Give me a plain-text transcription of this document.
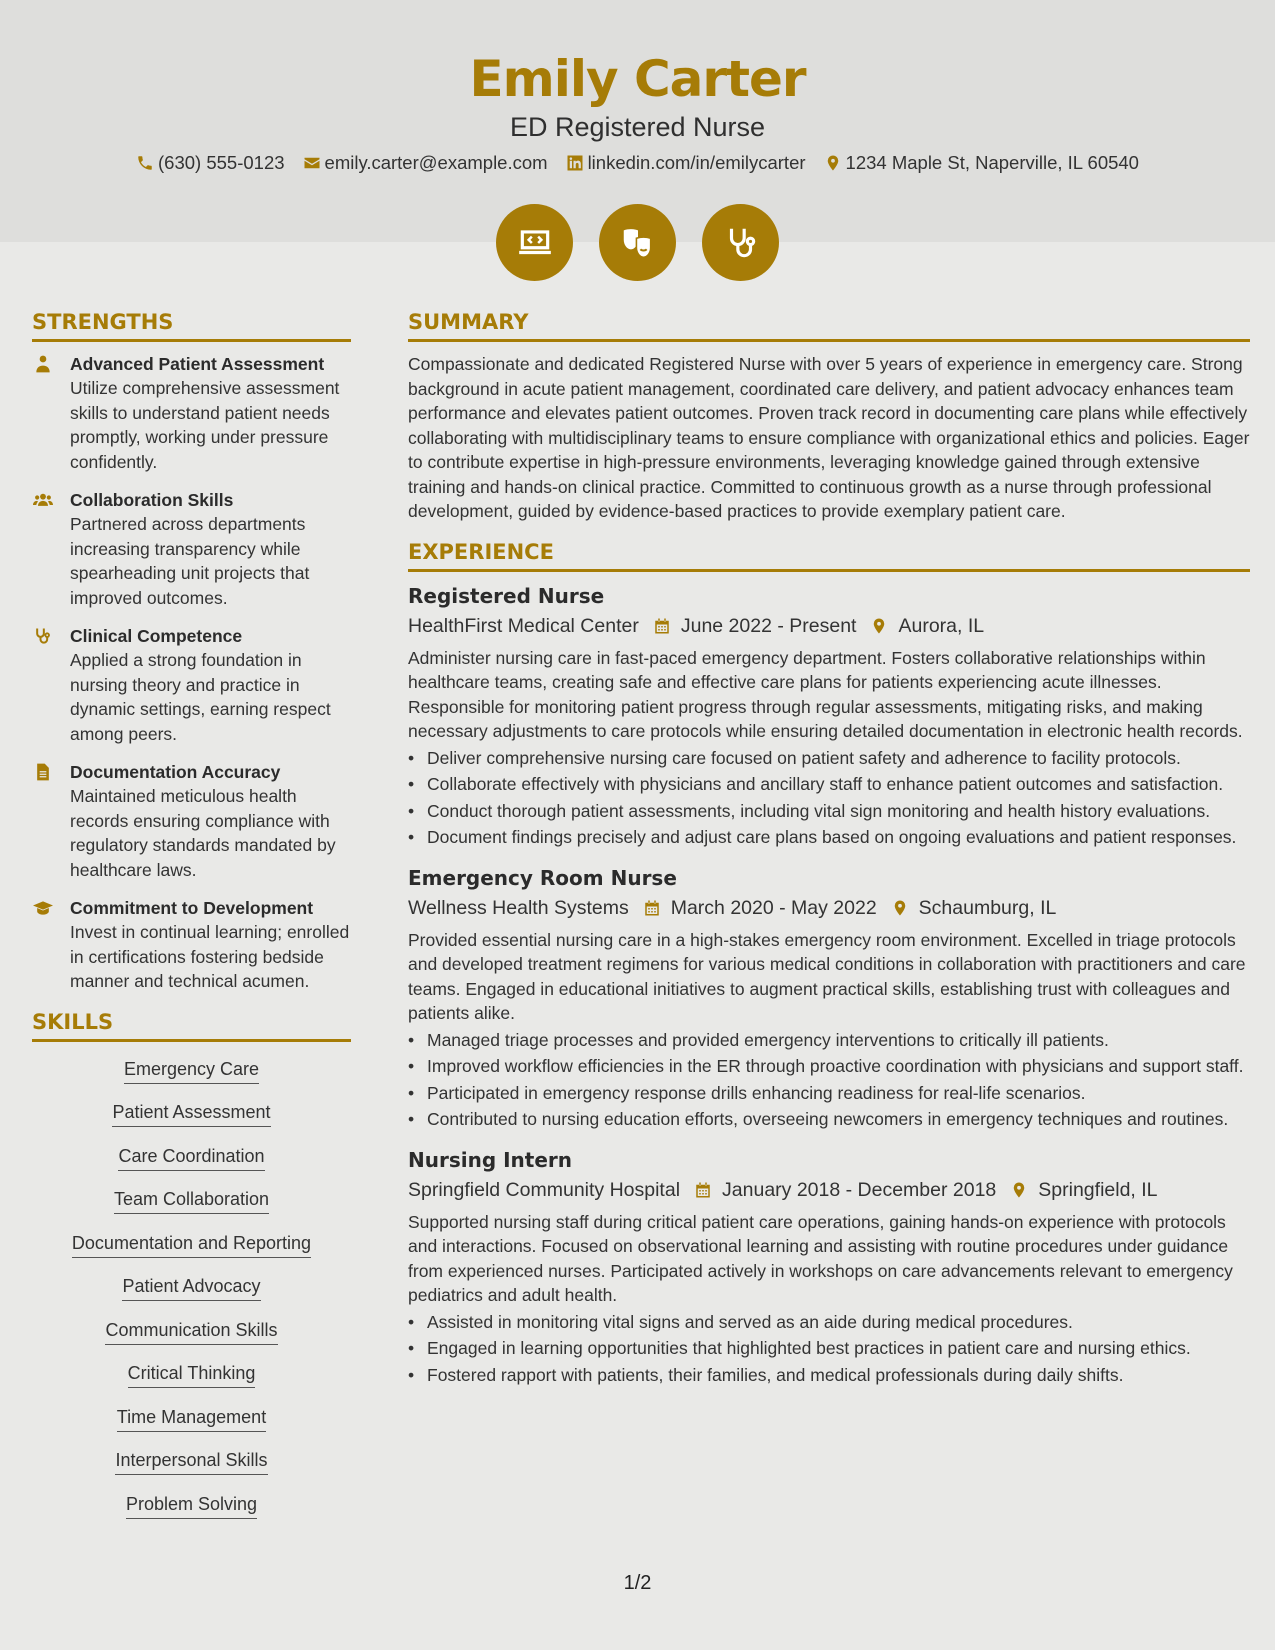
Emily Carter
ED Registered Nurse
(630) 555-0123 emily.carter@example.com linkedin.com/in/emilycarter 1234 Maple St, Naperville, IL 60540
STRENGTHS
Advanced Patient Assessment
Utilize comprehensive assessment skills to understand patient needs promptly, working under pressure confidently.
Collaboration Skills
Partnered across departments increasing transparency while spearheading unit projects that improved outcomes.
Clinical Competence
Applied a strong foundation in nursing theory and practice in dynamic settings, earning respect among peers.
Documentation Accuracy
Maintained meticulous health records ensuring compliance with regulatory standards mandated by healthcare laws.
Commitment to Development
Invest in continual learning; enrolled in certifications fostering bedside manner and technical acumen.
SKILLS
Emergency Care
Patient Assessment
Care Coordination
Team Collaboration
Documentation and Reporting
Patient Advocacy
Communication Skills
Critical Thinking
Time Management
Interpersonal Skills
Problem Solving
SUMMARY
Compassionate and dedicated Registered Nurse with over 5 years of experience in emergency care. Strong background in acute patient management, coordinated care delivery, and patient advocacy enhances team performance and elevates patient outcomes. Proven track record in documenting care plans while effectively collaborating with multidisciplinary teams to ensure compliance with organizational ethics and policies. Eager to contribute expertise in high-pressure environments, leveraging knowledge gained through extensive training and hands-on clinical practice. Committed to continuous growth as a nurse through professional development, guided by evidence-based practices to provide exemplary patient care.
EXPERIENCE
Registered Nurse
HealthFirst Medical Center June 2022 - Present Aurora, IL
Administer nursing care in fast-paced emergency department. Fosters collaborative relationships within healthcare teams, creating safe and effective care plans for patients experiencing acute illnesses. Responsible for monitoring patient progress through regular assessments, mitigating risks, and making necessary adjustments to care protocols while ensuring detailed documentation in electronic health records.
• Deliver comprehensive nursing care focused on patient safety and adherence to facility protocols.
• Collaborate effectively with physicians and ancillary staff to enhance patient outcomes and satisfaction.
• Conduct thorough patient assessments, including vital sign monitoring and health history evaluations.
• Document findings precisely and adjust care plans based on ongoing evaluations and patient responses.
Emergency Room Nurse
Wellness Health Systems March 2020 - May 2022 Schaumburg, IL
Provided essential nursing care in a high-stakes emergency room environment. Excelled in triage protocols and developed treatment regimens for various medical conditions in collaboration with practitioners and care teams. Engaged in educational initiatives to augment practical skills, establishing trust with colleagues and patients alike.
• Managed triage processes and provided emergency interventions to critically ill patients.
• Improved workflow efficiencies in the ER through proactive coordination with physicians and support staff.
• Participated in emergency response drills enhancing readiness for real-life scenarios.
• Contributed to nursing education efforts, overseeing newcomers in emergency techniques and routines.
Nursing Intern
Springfield Community Hospital January 2018 - December 2018 Springfield, IL
Supported nursing staff during critical patient care operations, gaining hands-on experience with protocols and interactions. Focused on observational learning and assisting with routine procedures under guidance from experienced nurses. Participated actively in workshops on care advancements relevant to emergency pediatrics and adult health.
• Assisted in monitoring vital signs and served as an aide during medical procedures.
• Engaged in learning opportunities that highlighted best practices in patient care and nursing ethics.
• Fostered rapport with patients, their families, and medical professionals during daily shifts.
1/2
